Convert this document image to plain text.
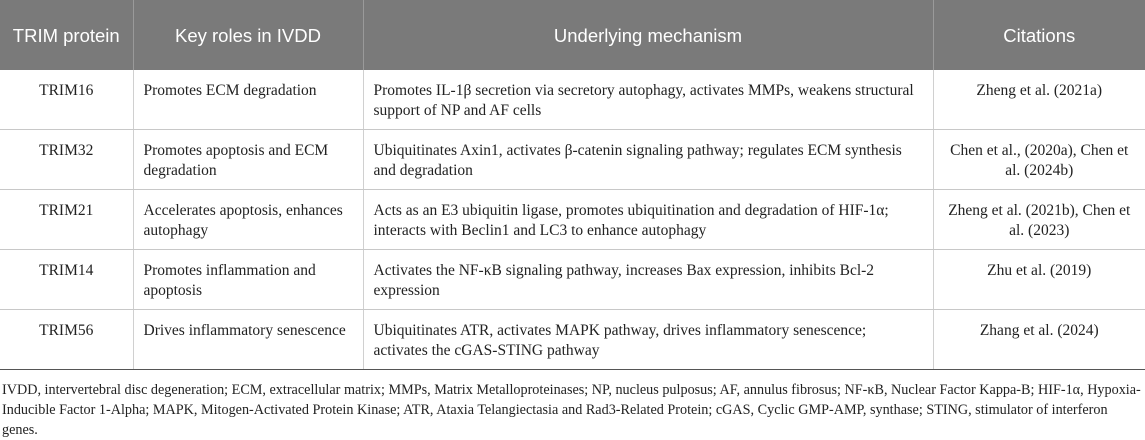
TRIM protein	Key roles in IVDD	Underlying mechanism	Citations
TRIM16	Promotes ECM degradation	Promotes IL-1β secretion via secretory autophagy, activates MMPs, weakens structural support of NP and AF cells	Zheng et al. (2021a)
TRIM32	Promotes apoptosis and ECM degradation	Ubiquitinates Axin1, activates β-catenin signaling pathway; regulates ECM synthesis and degradation	Chen et al., (2020a), Chen et al. (2024b)
TRIM21	Accelerates apoptosis, enhances autophagy	Acts as an E3 ubiquitin ligase, promotes ubiquitination and degradation of HIF-1α; interacts with Beclin1 and LC3 to enhance autophagy	Zheng et al. (2021b), Chen et al. (2023)
TRIM14	Promotes inflammation and apoptosis	Activates the NF-κB signaling pathway, increases Bax expression, inhibits Bcl-2 expression	Zhu et al. (2019)
TRIM56	Drives inflammatory senescence	Ubiquitinates ATR, activates MAPK pathway, drives inflammatory senescence; activates the cGAS-STING pathway	Zhang et al. (2024)
IVDD, intervertebral disc degeneration; ECM, extracellular matrix; MMPs, Matrix Metalloproteinases; NP, nucleus pulposus; AF, annulus fibrosus; NF-κB, Nuclear Factor Kappa-B; HIF-1α, Hypoxia-Inducible Factor 1-Alpha; MAPK, Mitogen-Activated Protein Kinase; ATR, Ataxia Telangiectasia and Rad3-Related Protein; cGAS, Cyclic GMP-AMP, synthase; STING, stimulator of interferon genes.
